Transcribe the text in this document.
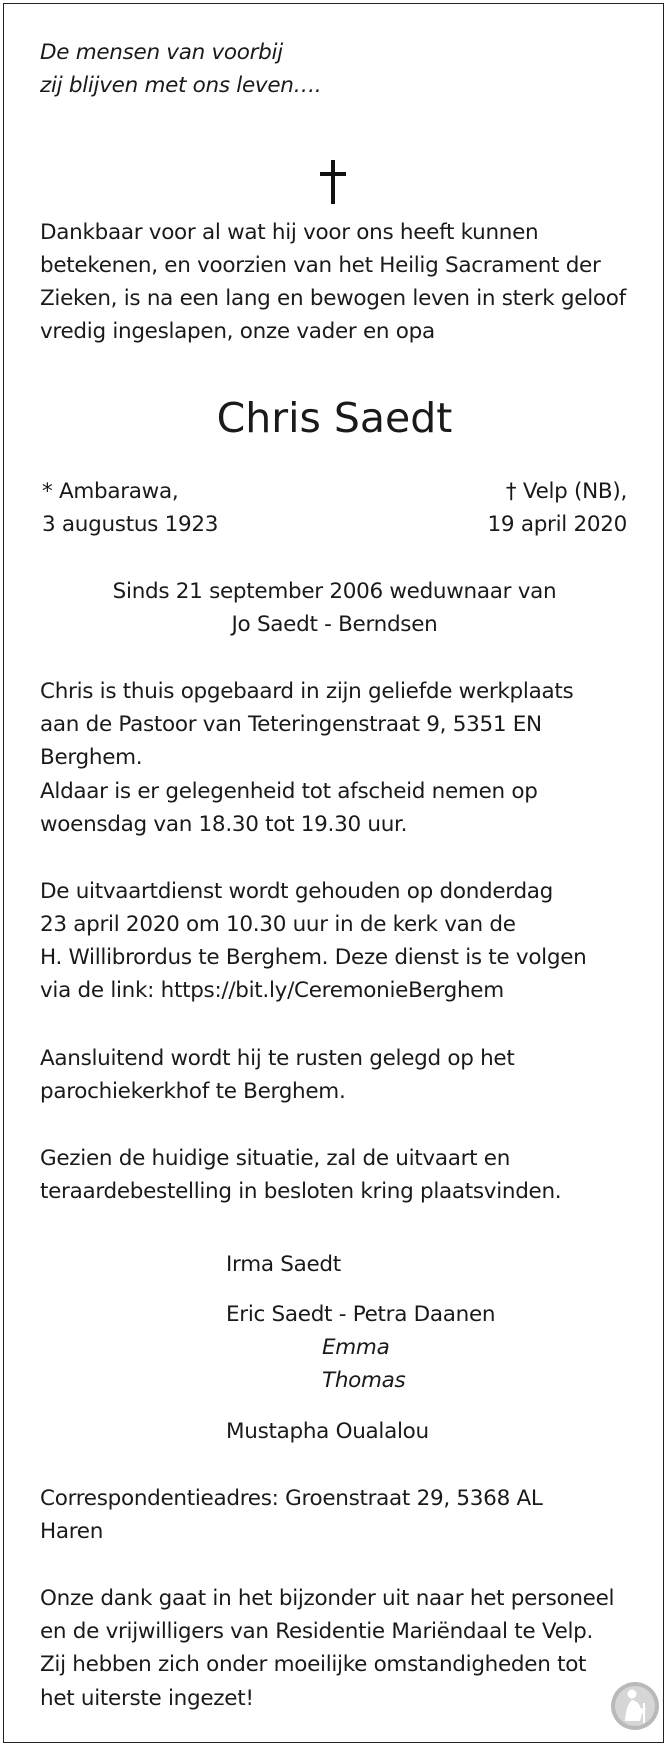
De mensen van voorbij

zij blijven met ons leven….

Dankbaar voor al wat hij voor ons heeft kunnen

betekenen, en voorzien van het Heilig Sacrament der

Zieken, is na een lang en bewogen leven in sterk geloof

vredig ingeslapen, onze vader en opa

Chris Saedt

* Ambarawa,

3 augustus 1923

† Velp (NB),

19 april 2020

Sinds 21 september 2006 weduwnaar van

Jo Saedt - Berndsen

Chris is thuis opgebaard in zijn geliefde werkplaats

aan de Pastoor van Teteringenstraat 9, 5351 EN

Berghem.

Aldaar is er gelegenheid tot afscheid nemen op

woensdag van 18.30 tot 19.30 uur.

De uitvaartdienst wordt gehouden op donderdag

23 april 2020 om 10.30 uur in de kerk van de

H. Willibrordus te Berghem. Deze dienst is te volgen

via de link: https://bit.ly/CeremonieBerghem

Aansluitend wordt hij te rusten gelegd op het

parochiekerkhof te Berghem.

Gezien de huidige situatie, zal de uitvaart en

teraardebestelling in besloten kring plaatsvinden.

Irma Saedt

Eric Saedt - Petra Daanen

Emma

Thomas

Mustapha Oualalou

Correspondentieadres: Groenstraat 29, 5368 AL

Haren

Onze dank gaat in het bijzonder uit naar het personeel

en de vrijwilligers van Residentie Mariëndaal te Velp.

Zij hebben zich onder moeilijke omstandigheden tot

het uiterste ingezet!
